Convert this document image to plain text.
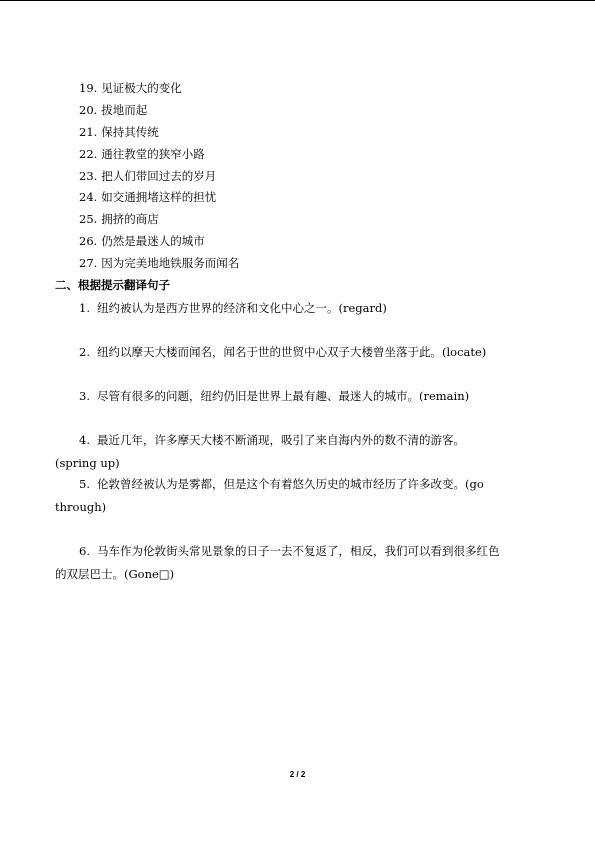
19. 见证极大的变化
20. 拔地而起
21. 保持其传统
22. 通往教堂的狭窄小路
23. 把人们带回过去的岁月
24. 如交通拥堵这样的担忧
25. 拥挤的商店
26. 仍然是最迷人的城市
27. 因为完美地地铁服务而闻名
二、根据提示翻译句子

1. 纽约被认为是西方世界的经济和文化中心之一。(regard)

2. 纽约以摩天大楼而闻名，闻名于世的世贸中心双子大楼曾坐落于此。(locate)

3. 尽管有很多的问题，纽约仍旧是世界上最有趣、最迷人的城市。(remain)

4. 最近几年，许多摩天大楼不断涌现，吸引了来自海内外的数不清的游客。(spring up)

5. 伦敦曾经被认为是雾都，但是这个有着悠久历史的城市经历了许多改变。(go through)

6. 马车作为伦敦街头常见景象的日子一去不复返了，相反，我们可以看到很多红色的双层巴士。(Gone□)

2 / 2
